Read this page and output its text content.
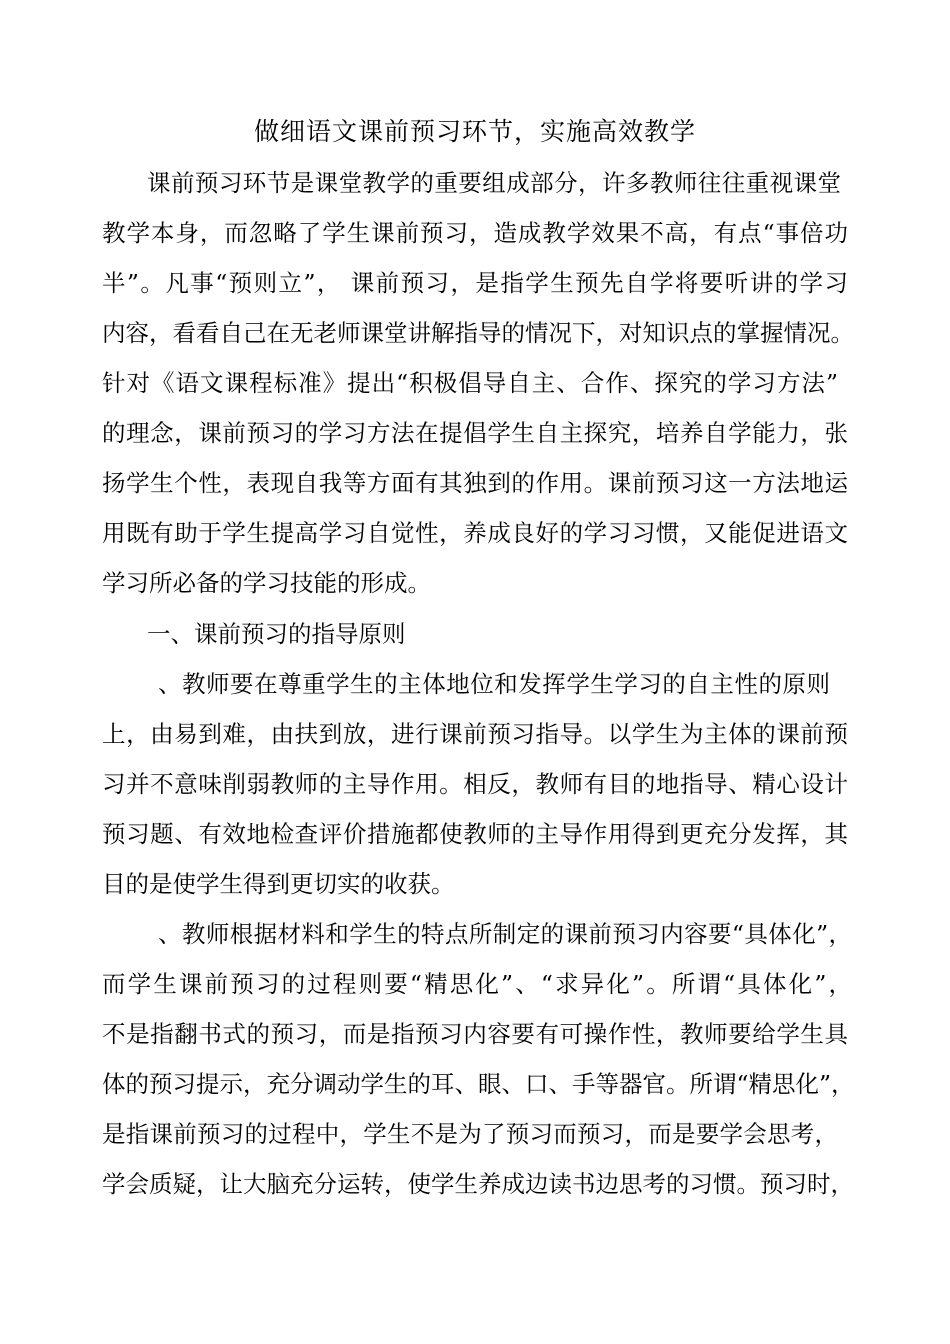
做细语文课前预习环节，实施高效教学
课前预习环节是课堂教学的重要组成部分，许多教师往往重视课堂
教学本身，而忽略了学生课前预习，造成教学效果不高，有点“事倍功
半”。凡事“预则立”， 课前预习，是指学生预先自学将要听讲的学习
内容，看看自己在无老师课堂讲解指导的情况下，对知识点的掌握情况。
针对《语文课程标准》提出“积极倡导自主、合作、探究的学习方法”
的理念，课前预习的学习方法在提倡学生自主探究，培养自学能力，张
扬学生个性，表现自我等方面有其独到的作用。课前预习这一方法地运
用既有助于学生提高学习自觉性，养成良好的学习习惯，又能促进语文
学习所必备的学习技能的形成。
一、课前预习的指导原则
、教师要在尊重学生的主体地位和发挥学生学习的自主性的原则
上，由易到难，由扶到放，进行课前预习指导。以学生为主体的课前预
习并不意味削弱教师的主导作用。相反，教师有目的地指导、精心设计
预习题、有效地检查评价措施都使教师的主导作用得到更充分发挥，其
目的是使学生得到更切实的收获。
、教师根据材料和学生的特点所制定的课前预习内容要“具体化”，
而学生课前预习的过程则要“精思化”、“求异化”。所谓“具体化”，
不是指翻书式的预习，而是指预习内容要有可操作性，教师要给学生具
体的预习提示，充分调动学生的耳、眼、口、手等器官。所谓“精思化”，
是指课前预习的过程中，学生不是为了预习而预习，而是要学会思考，
学会质疑，让大脑充分运转，使学生养成边读书边思考的习惯。预习时，
